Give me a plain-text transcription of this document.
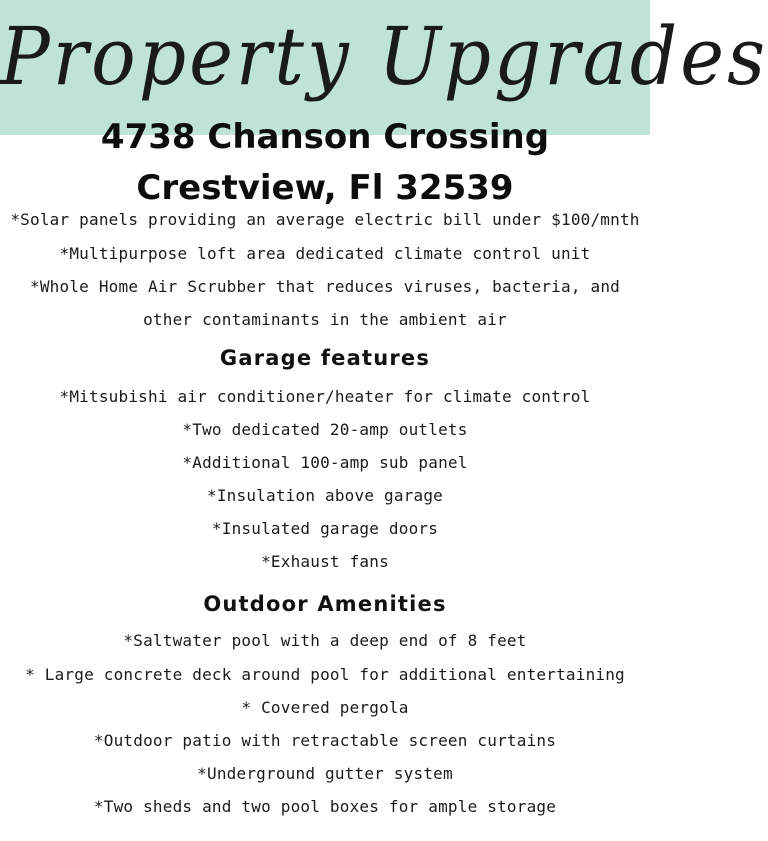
Property Upgrades
4738 Chanson Crossing
Crestview, Fl 32539
*Solar panels providing an average electric bill under $100/mnth
*Multipurpose loft area dedicated climate control unit
*Whole Home Air Scrubber that reduces viruses, bacteria, and
other contaminants in the ambient air
Garage features
*Mitsubishi air conditioner/heater for climate control
*Two dedicated 20-amp outlets
*Additional 100-amp sub panel
*Insulation above garage
*Insulated garage doors
*Exhaust fans
Outdoor Amenities
*Saltwater pool with a deep end of 8 feet
* Large concrete deck around pool for additional entertaining
* Covered pergola
*Outdoor patio with retractable screen curtains
*Underground gutter system
*Two sheds and two pool boxes for ample storage
